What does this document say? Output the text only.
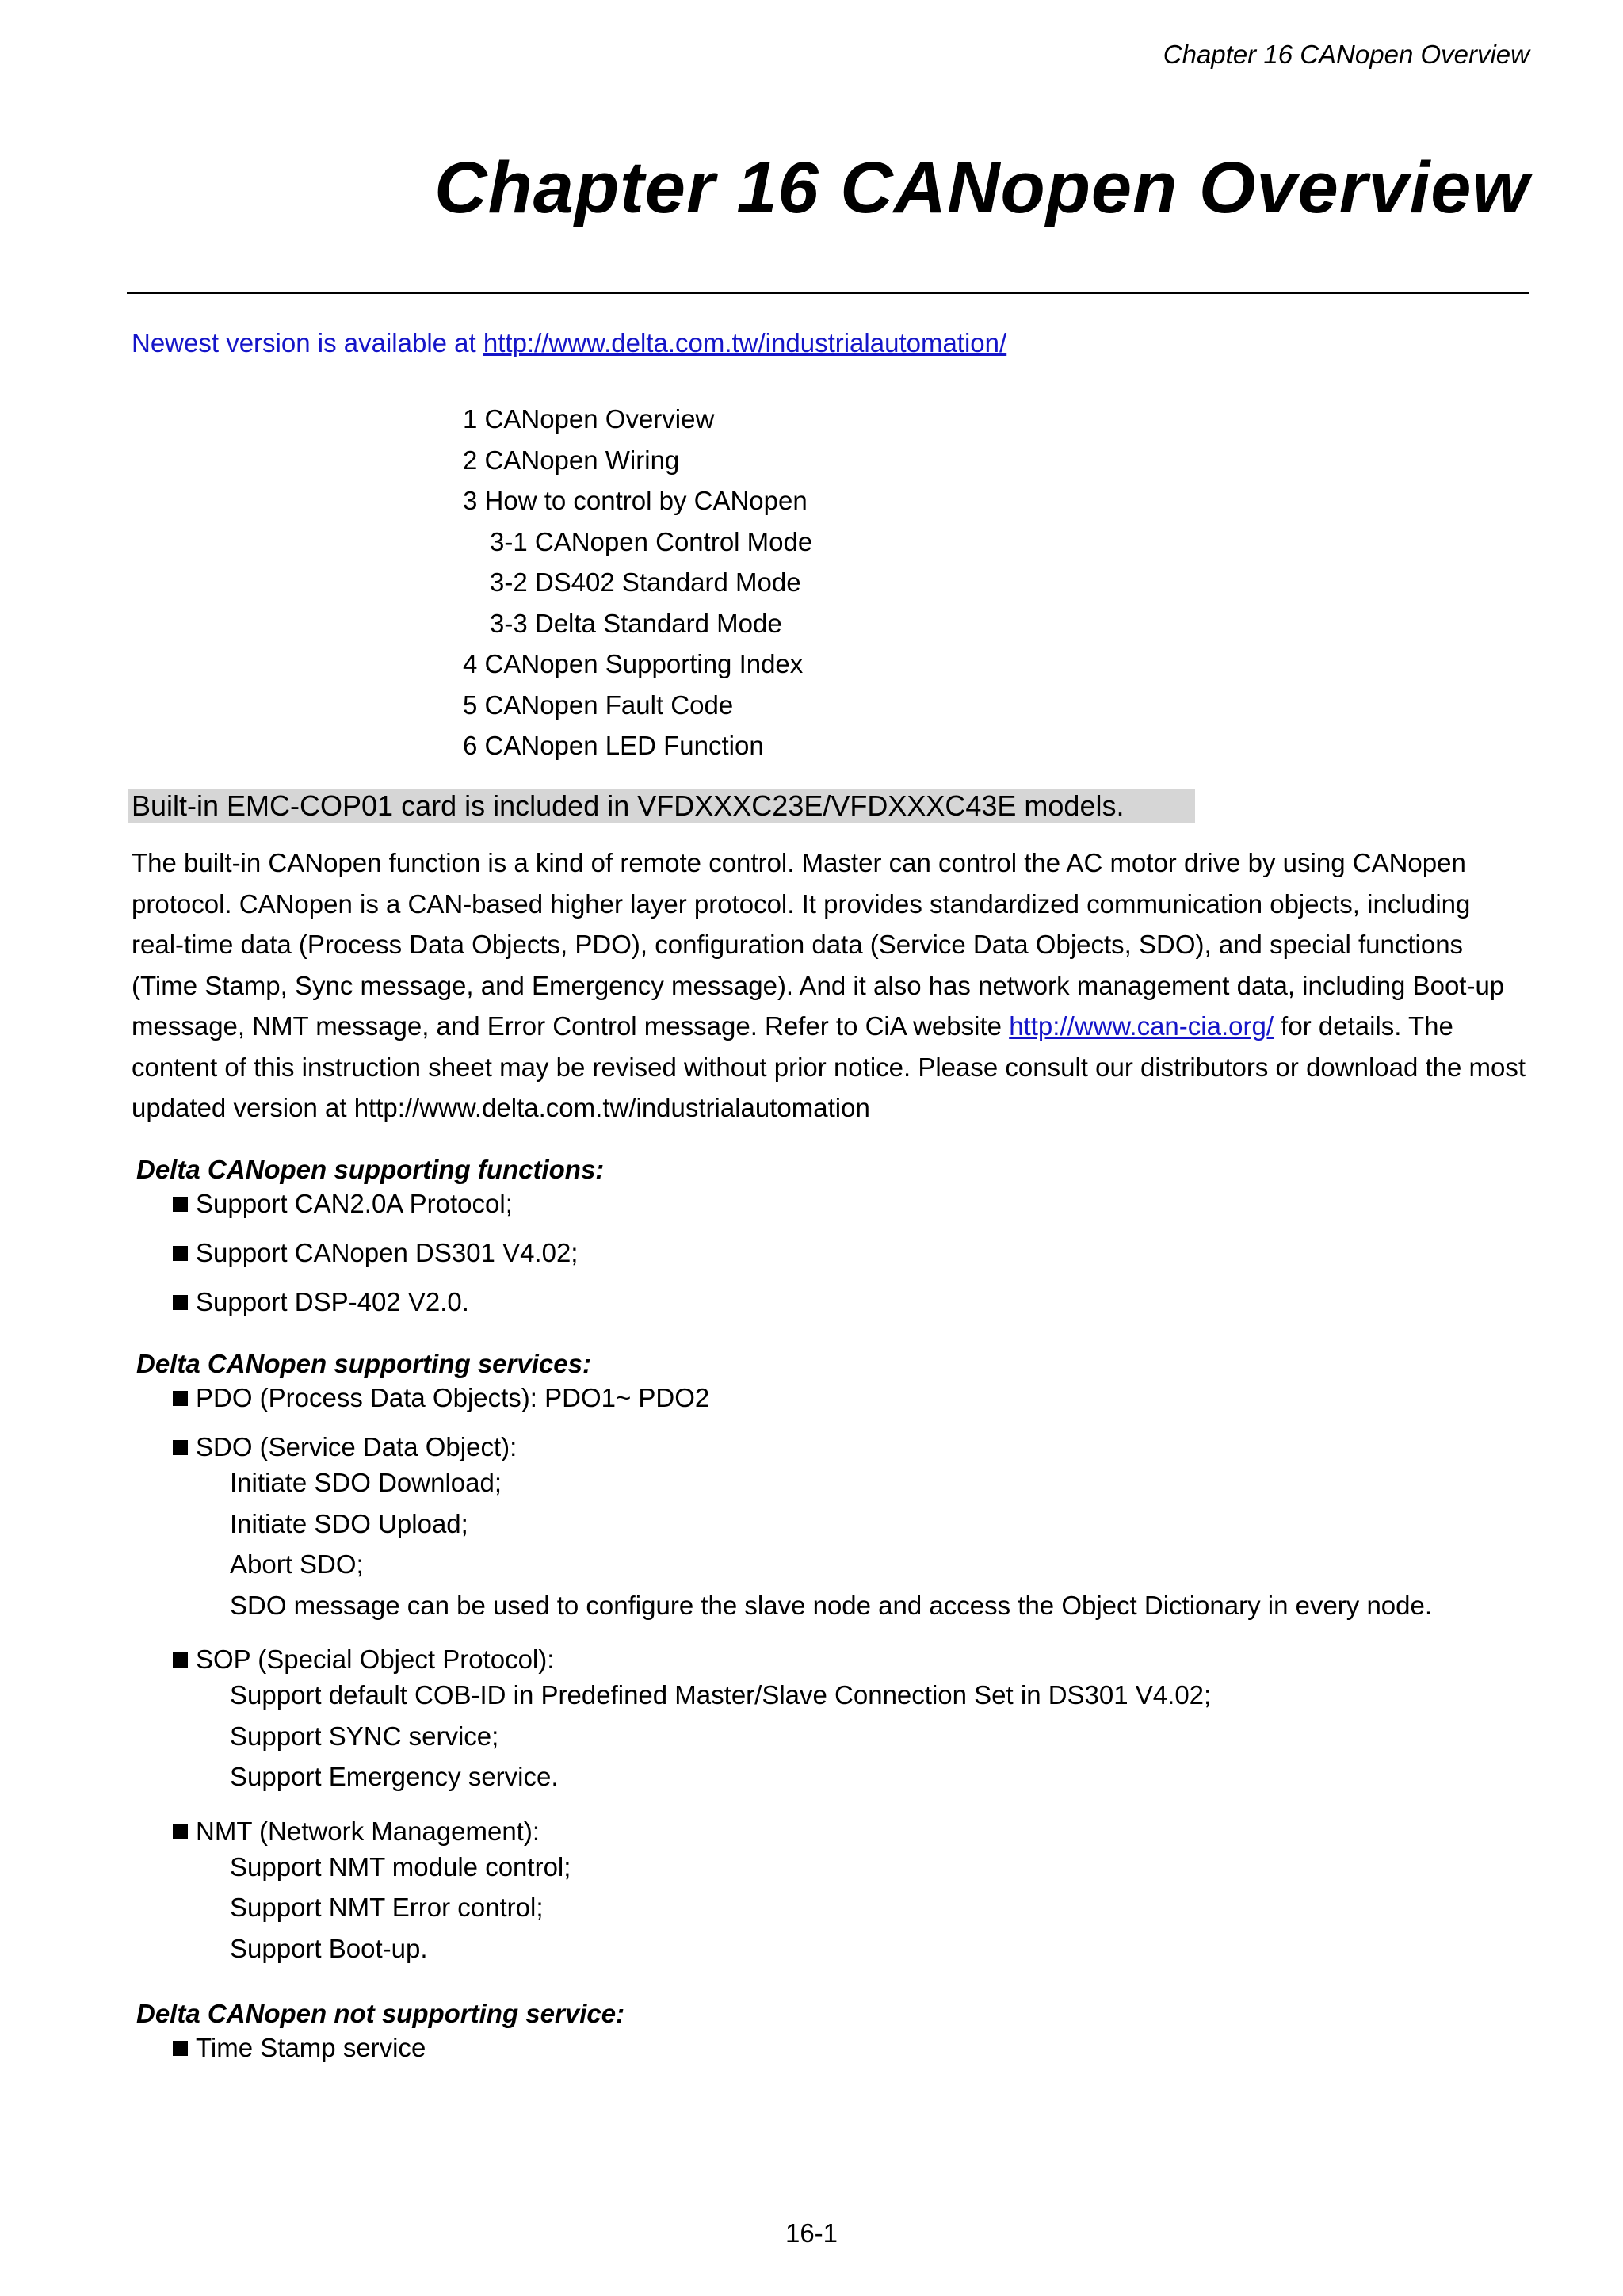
Chapter 16 CANopen Overview
Chapter 16 CANopen Overview
Newest version is available at http://www.delta.com.tw/industrialautomation/
1 CANopen Overview
2 CANopen Wiring
3 How to control by CANopen
3-1 CANopen Control Mode
3-2 DS402 Standard Mode
3-3 Delta Standard Mode
4 CANopen Supporting Index
5 CANopen Fault Code
6 CANopen LED Function
Built-in EMC-COP01 card is included in VFDXXXC23E/VFDXXXC43E models.

The built-in CANopen function is a kind of remote control. Master can control the AC motor drive by using CANopen protocol. CANopen is a CAN-based higher layer protocol. It provides standardized communication objects, including real-time data (Process Data Objects, PDO), configuration data (Service Data Objects, SDO), and special functions (Time Stamp, Sync message, and Emergency message). And it also has network management data, including Boot-up message, NMT message, and Error Control message. Refer to CiA website http://www.can-cia.org/ for details. The content of this instruction sheet may be revised without prior notice. Please consult our distributors or download the most updated version at http://www.delta.com.tw/industrialautomation

Delta CANopen supporting functions:
Support CAN2.0A Protocol;
Support CANopen DS301 V4.02;
Support DSP-402 V2.0.
Delta CANopen supporting services:
PDO (Process Data Objects): PDO1~ PDO2
SDO (Service Data Object):
Initiate SDO Download;
Initiate SDO Upload;
Abort SDO;
SDO message can be used to configure the slave node and access the Object Dictionary in every node.
SOP (Special Object Protocol):
Support default COB-ID in Predefined Master/Slave Connection Set in DS301 V4.02;
Support SYNC service;
Support Emergency service.
NMT (Network Management):
Support NMT module control;
Support NMT Error control;
Support Boot-up.
Delta CANopen not supporting service:
Time Stamp service
16-1
